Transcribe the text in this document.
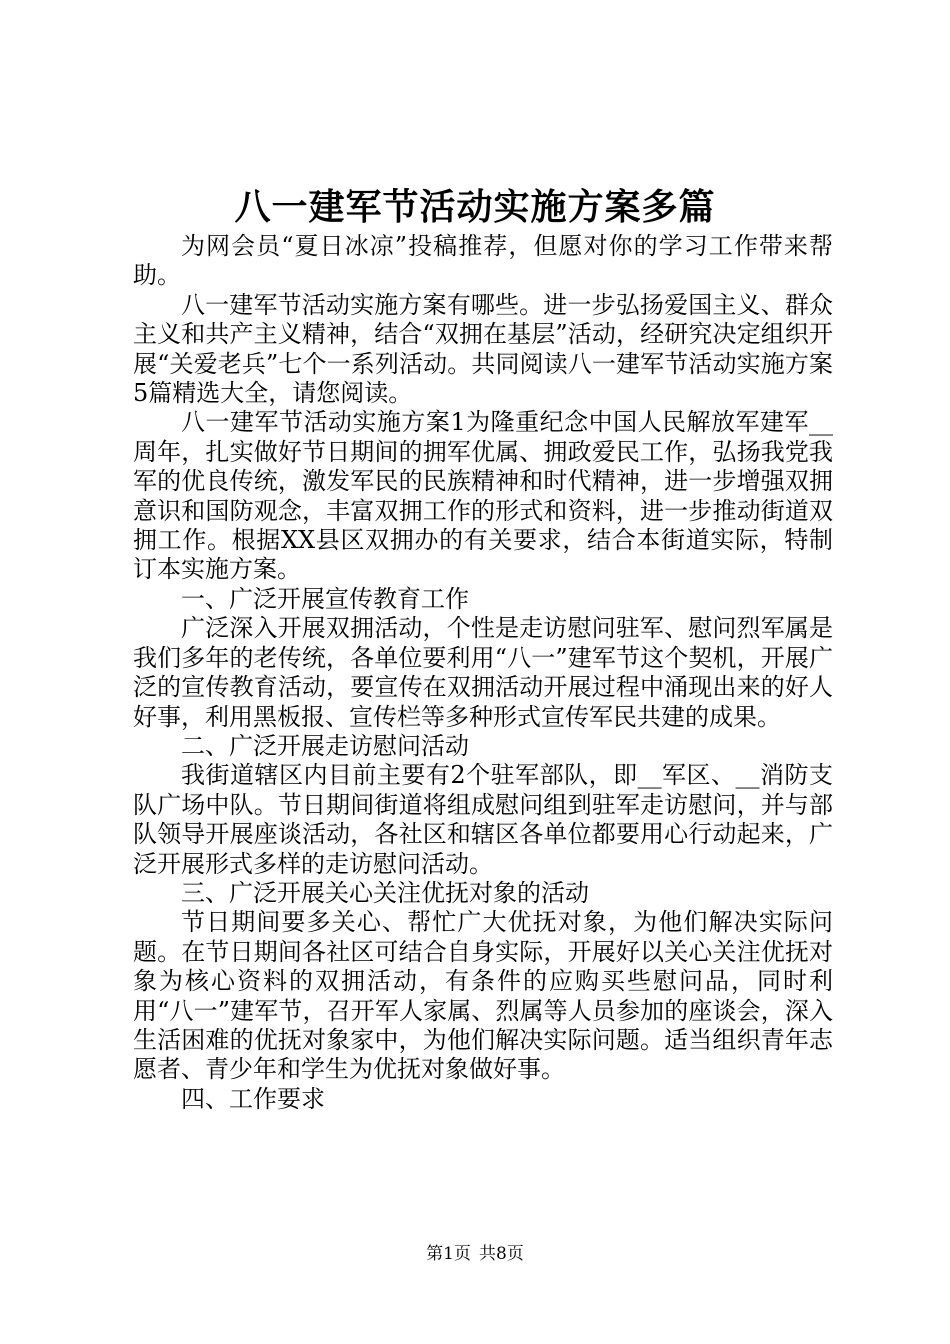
八一建军节活动实施方案多篇

为网会员“夏日冰凉”投稿推荐，但愿对你的学习工作带来帮助。

八一建军节活动实施方案有哪些。进一步弘扬爱国主义、群众主义和共产主义精神，结合“双拥在基层”活动，经研究决定组织开展“关爱老兵”七个一系列活动。共同阅读八一建军节活动实施方案5篇精选大全，请您阅读。

八一建军节活动实施方案1为隆重纪念中国人民解放军建军__周年，扎实做好节日期间的拥军优属、拥政爱民工作，弘扬我党我军的优良传统，激发军民的民族精神和时代精神，进一步增强双拥意识和国防观念，丰富双拥工作的形式和资料，进一步推动街道双拥工作。根据XX县区双拥办的有关要求，结合本街道实际，特制订本实施方案。

一、广泛开展宣传教育工作

广泛深入开展双拥活动，个性是走访慰问驻军、慰问烈军属是我们多年的老传统，各单位要利用“八一”建军节这个契机，开展广泛的宣传教育活动，要宣传在双拥活动开展过程中涌现出来的好人好事，利用黑板报、宣传栏等多种形式宣传军民共建的成果。

二、广泛开展走访慰问活动

我街道辖区内目前主要有2个驻军部队，即__军区、__消防支队广场中队。节日期间街道将组成慰问组到驻军走访慰问，并与部队领导开展座谈活动，各社区和辖区各单位都要用心行动起来，广泛开展形式多样的走访慰问活动。

三、广泛开展关心关注优抚对象的活动

节日期间要多关心、帮忙广大优抚对象，为他们解决实际问题。在节日期间各社区可结合自身实际，开展好以关心关注优抚对象为核心资料的双拥活动，有条件的应购买些慰问品，同时利用“八一”建军节，召开军人家属、烈属等人员参加的座谈会，深入生活困难的优抚对象家中，为他们解决实际问题。适当组织青年志愿者、青少年和学生为优抚对象做好事。

四、工作要求

第1页 共8页
